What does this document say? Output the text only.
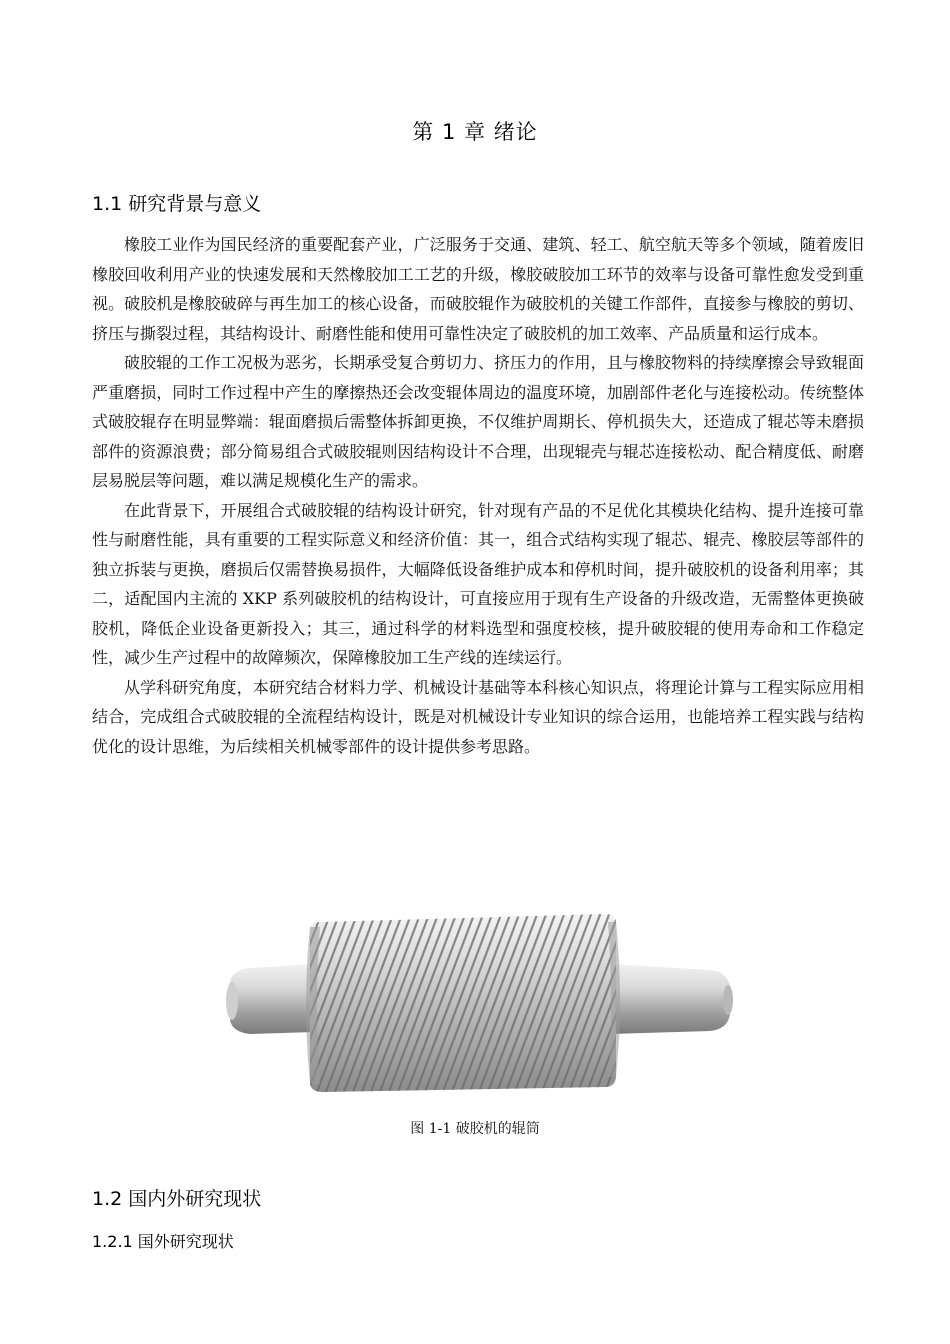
第 1 章 绪论
1.1 研究背景与意义

橡胶工业作为国民经济的重要配套产业，广泛服务于交通、建筑、轻工、航空航天等多个领域，随着废旧橡胶回收利用产业的快速发展和天然橡胶加工工艺的升级，橡胶破胶加工环节的效率与设备可靠性愈发受到重视。破胶机是橡胶破碎与再生加工的核心设备，而破胶辊作为破胶机的关键工作部件，直接参与橡胶的剪切、挤压与撕裂过程，其结构设计、耐磨性能和使用可靠性决定了破胶机的加工效率、产品质量和运行成本。

破胶辊的工作工况极为恶劣，长期承受复合剪切力、挤压力的作用，且与橡胶物料的持续摩擦会导致辊面严重磨损，同时工作过程中产生的摩擦热还会改变辊体周边的温度环境，加剧部件老化与连接松动。传统整体式破胶辊存在明显弊端：辊面磨损后需整体拆卸更换，不仅维护周期长、停机损失大，还造成了辊芯等未磨损部件的资源浪费；部分简易组合式破胶辊则因结构设计不合理，出现辊壳与辊芯连接松动、配合精度低、耐磨层易脱层等问题，难以满足规模化生产的需求。

在此背景下，开展组合式破胶辊的结构设计研究，针对现有产品的不足优化其模块化结构、提升连接可靠性与耐磨性能，具有重要的工程实际意义和经济价值：其一，组合式结构实现了辊芯、辊壳、橡胶层等部件的独立拆装与更换，磨损后仅需替换易损件，大幅降低设备维护成本和停机时间，提升破胶机的设备利用率；其二，适配国内主流的 XKP 系列破胶机的结构设计，可直接应用于现有生产设备的升级改造，无需整体更换破胶机，降低企业设备更新投入；其三，通过科学的材料选型和强度校核，提升破胶辊的使用寿命和工作稳定性，减少生产过程中的故障频次，保障橡胶加工生产线的连续运行。

从学科研究角度，本研究结合材料力学、机械设计基础等本科核心知识点，将理论计算与工程实际应用相结合，完成组合式破胶辊的全流程结构设计，既是对机械设计专业知识的综合运用，也能培养工程实践与结构优化的设计思维，为后续相关机械零部件的设计提供参考思路。

图 1-1 破胶机的辊筒
1.2 国内外研究现状
1.2.1 国外研究现状
